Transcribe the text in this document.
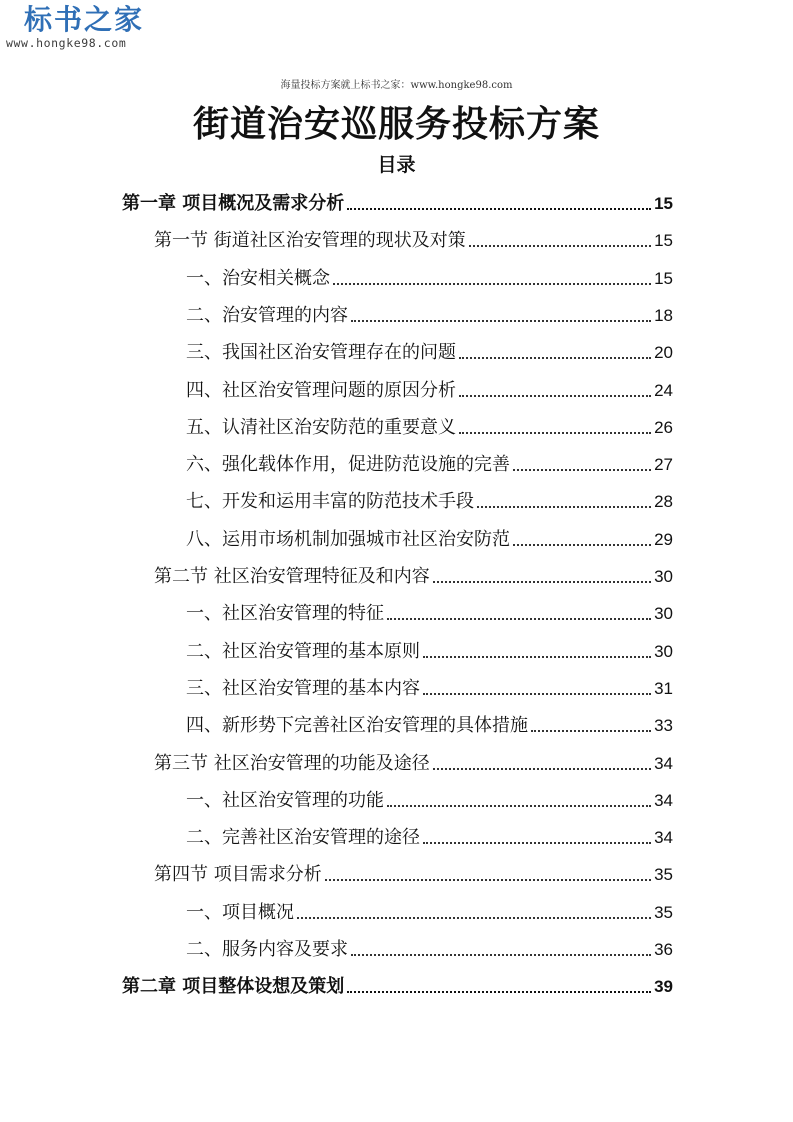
标书之家
www.hongke98.com
海量投标方案就上标书之家：www.hongke98.com
街道治安巡服务投标方案
目录
第一章 项目概况及需求分析	15
第一节 街道社区治安管理的现状及对策	15
一、治安相关概念	15
二、治安管理的内容	18
三、我国社区治安管理存在的问题	20
四、社区治安管理问题的原因分析	24
五、认清社区治安防范的重要意义	26
六、强化载体作用，促进防范设施的完善	27
七、开发和运用丰富的防范技术手段	28
八、运用市场机制加强城市社区治安防范	29
第二节 社区治安管理特征及和内容	30
一、社区治安管理的特征	30
二、社区治安管理的基本原则	30
三、社区治安管理的基本内容	31
四、新形势下完善社区治安管理的具体措施	33
第三节 社区治安管理的功能及途径	34
一、社区治安管理的功能	34
二、完善社区治安管理的途径	34
第四节 项目需求分析	35
一、项目概况	35
二、服务内容及要求	36
第二章 项目整体设想及策划	39
